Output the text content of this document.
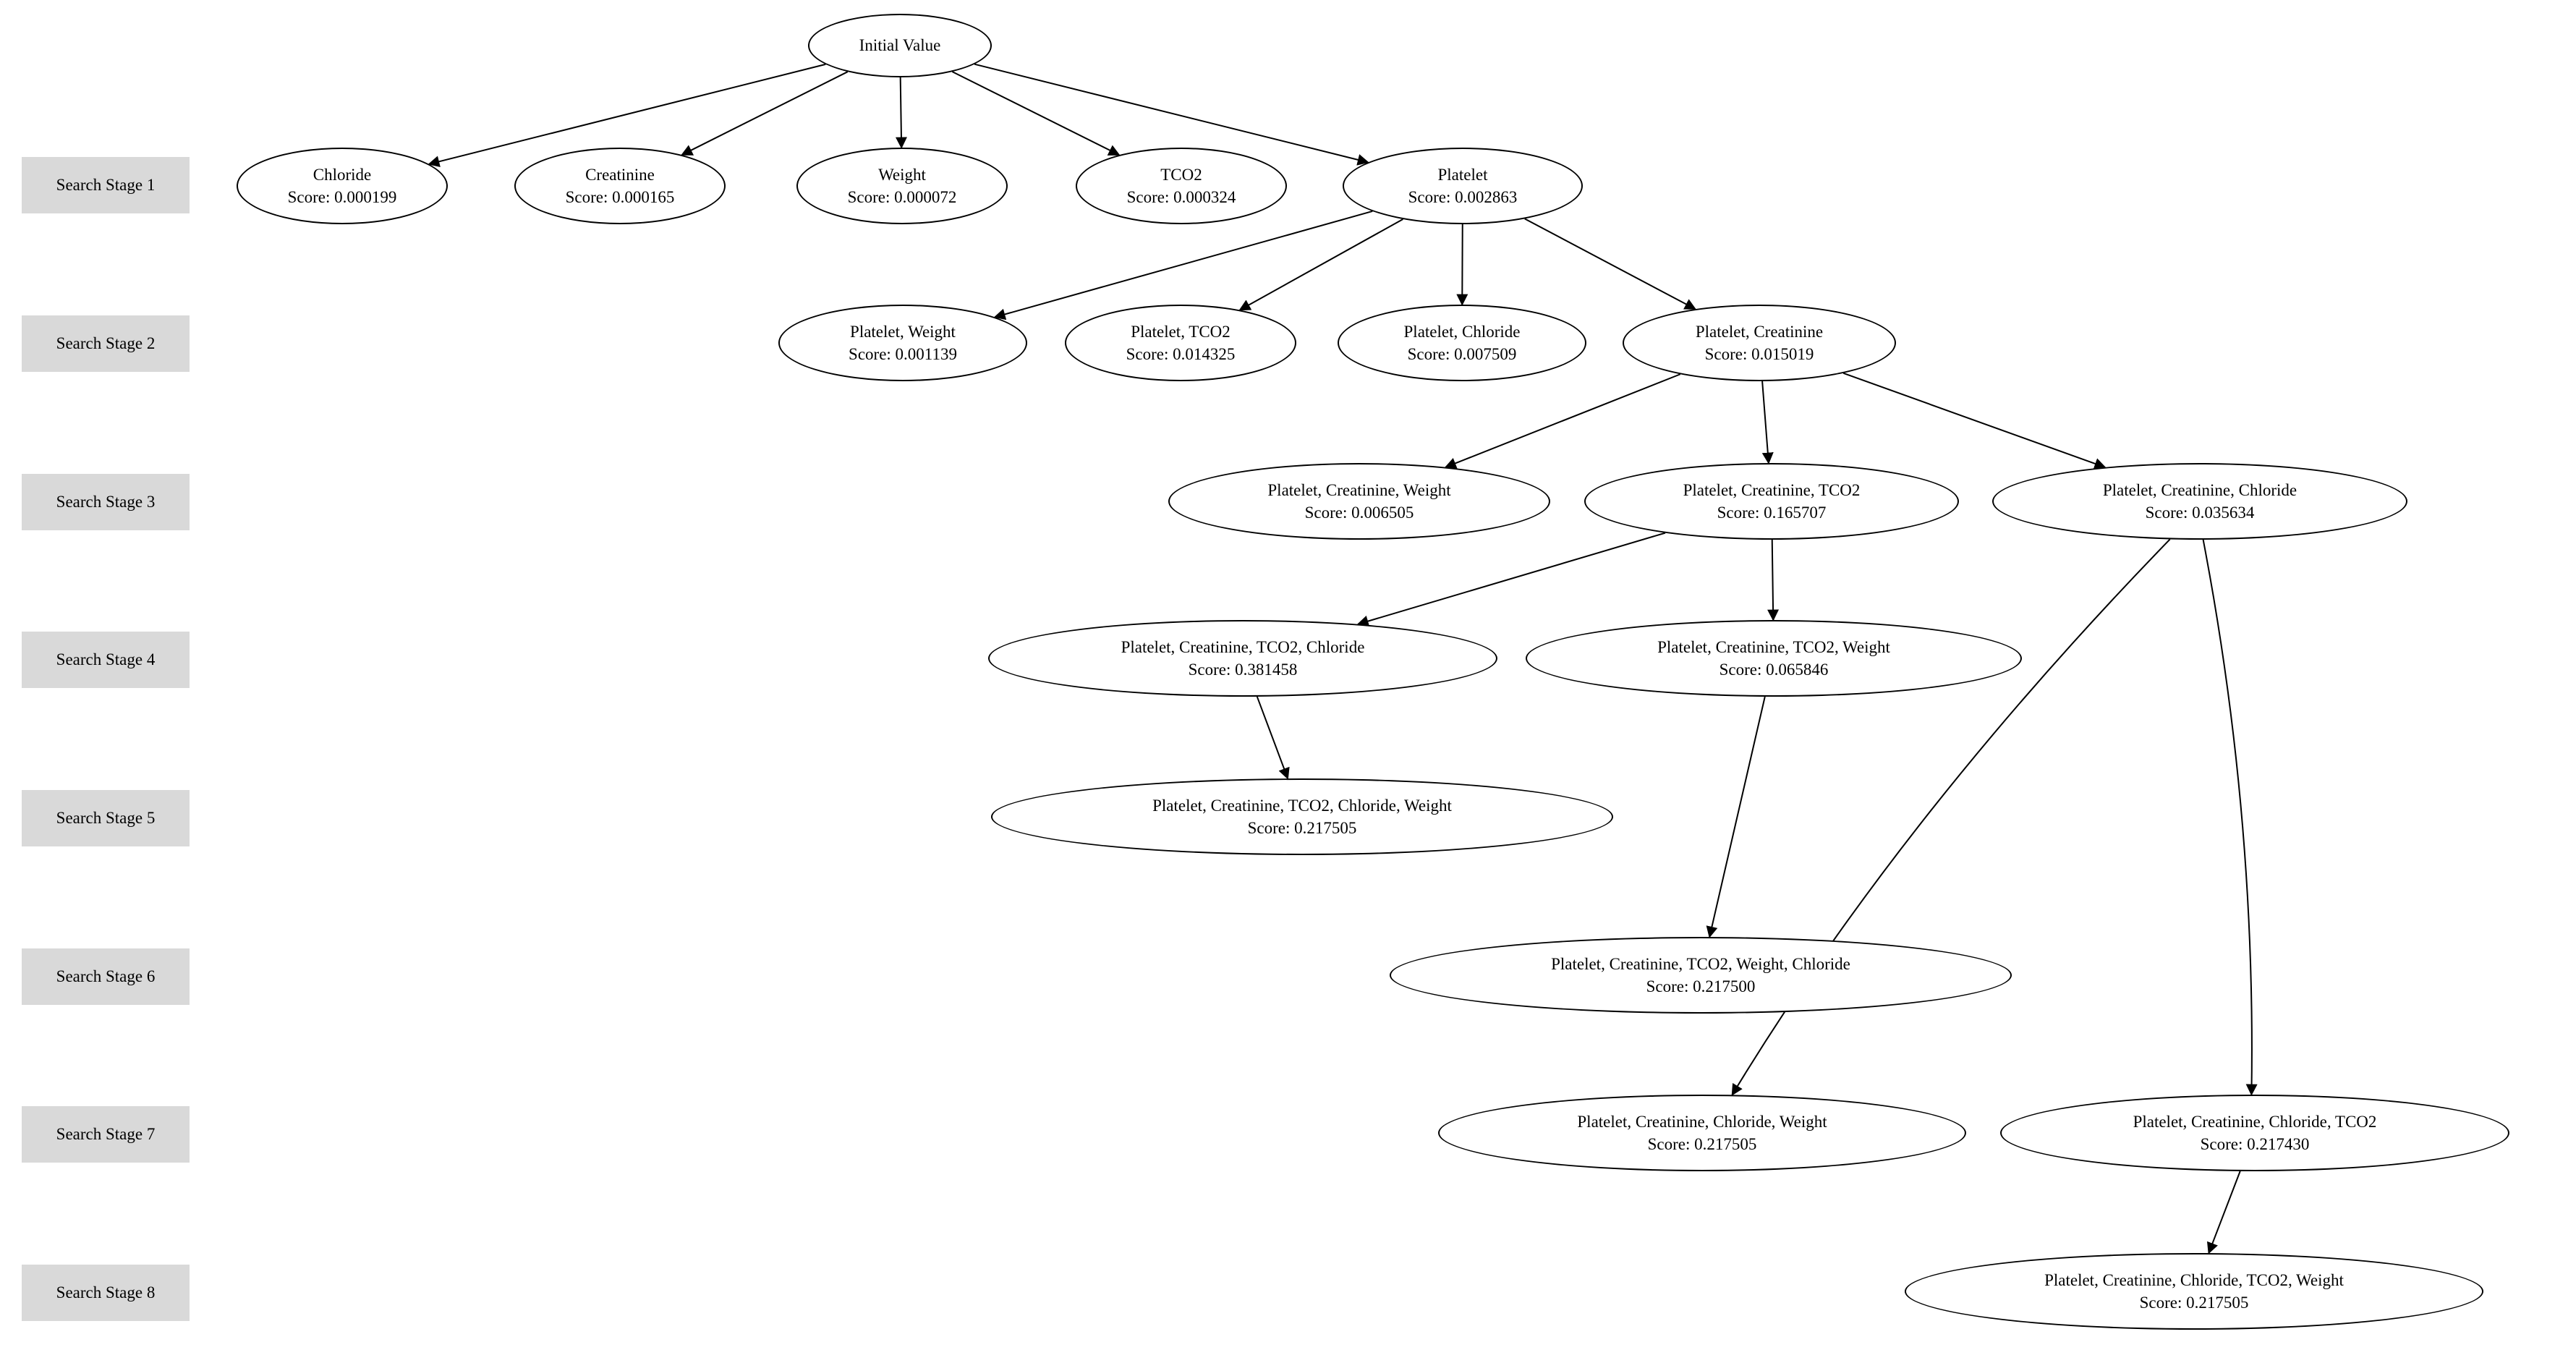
Search Stage 1
Search Stage 2
Search Stage 3
Search Stage 4
Search Stage 5
Search Stage 6
Search Stage 7
Search Stage 8
Initial Value
Chloride
Score: 0.000199
Creatinine
Score: 0.000165
Weight
Score: 0.000072
TCO2
Score: 0.000324
Platelet
Score: 0.002863
Platelet, Weight
Score: 0.001139
Platelet, TCO2
Score: 0.014325
Platelet, Chloride
Score: 0.007509
Platelet, Creatinine
Score: 0.015019
Platelet, Creatinine, Weight
Score: 0.006505
Platelet, Creatinine, TCO2
Score: 0.165707
Platelet, Creatinine, Chloride
Score: 0.035634
Platelet, Creatinine, TCO2, Chloride
Score: 0.381458
Platelet, Creatinine, TCO2, Weight
Score: 0.065846
Platelet, Creatinine, TCO2, Chloride, Weight
Score: 0.217505
Platelet, Creatinine, TCO2, Weight, Chloride
Score: 0.217500
Platelet, Creatinine, Chloride, Weight
Score: 0.217505
Platelet, Creatinine, Chloride, TCO2
Score: 0.217430
Platelet, Creatinine, Chloride, TCO2, Weight
Score: 0.217505
